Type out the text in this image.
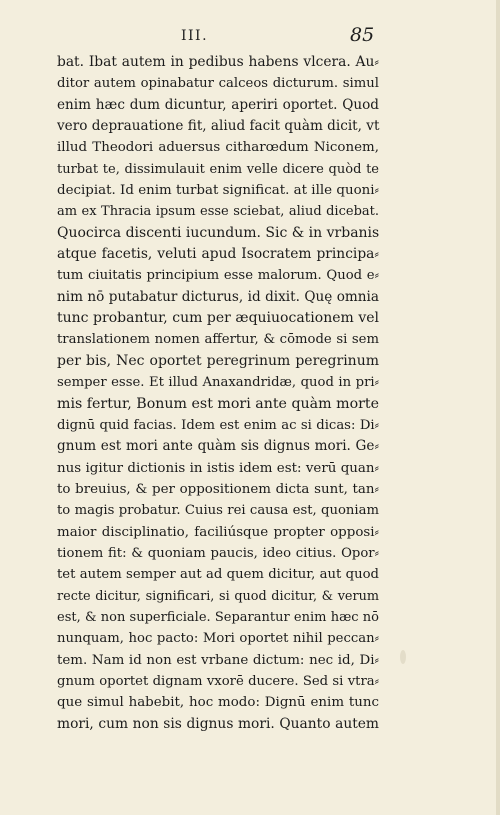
III.	85
bat. Ibat autem in pedibus habens vlcera. Au⸗
ditor autem opinabatur calceos dicturum. simul
enim hæc dum dicuntur, aperiri oportet. Quod
vero deprauatione fit, aliud facit quàm dicit, vt
illud Theodori aduersus citharœdum Niconem,
turbat te, dissimulauit enim velle dicere quòd te
decipiat. Id enim turbat significat. at ille quoni⸗
am ex Thracia ipsum esse sciebat, aliud dicebat.
Quocirca discenti iucundum. Sic & in vrbanis
atque facetis, veluti apud Isocratem principa⸗
tum ciuitatis principium esse malorum. Quod e⸗
nim nō putabatur dicturus, id dixit. Quę omnia
tunc probantur, cum per æquiuocationem vel
translationem nomen affertur, & cōmode si sem
per bis, Nec oportet peregrinum peregrinum
semper esse. Et illud Anaxandridæ, quod in pri⸗
mis fertur, Bonum est mori ante quàm morte
dignū quid facias. Idem est enim ac si dicas: Di⸗
gnum est mori ante quàm sis dignus mori. Ge⸗
nus igitur dictionis in istis idem est: verū quan⸗
to breuius, & per oppositionem dicta sunt, tan⸗
to magis probatur. Cuius rei causa est, quoniam
maior disciplinatio, faciliúsque propter opposi⸗
tionem fit: & quoniam paucis, ideo citius. Opor⸗
tet autem semper aut ad quem dicitur, aut quod
recte dicitur, significari, si quod dicitur, & verum
est, & non superficiale. Separantur enim hæc nō
nunquam, hoc pacto: Mori oportet nihil peccan⸗
tem. Nam id non est vrbane dictum: nec id, Di⸗
gnum oportet dignam vxorē ducere. Sed si vtra⸗
que simul habebit, hoc modo: Dignū enim tunc
mori, cum non sis dignus mori. Quanto autem
